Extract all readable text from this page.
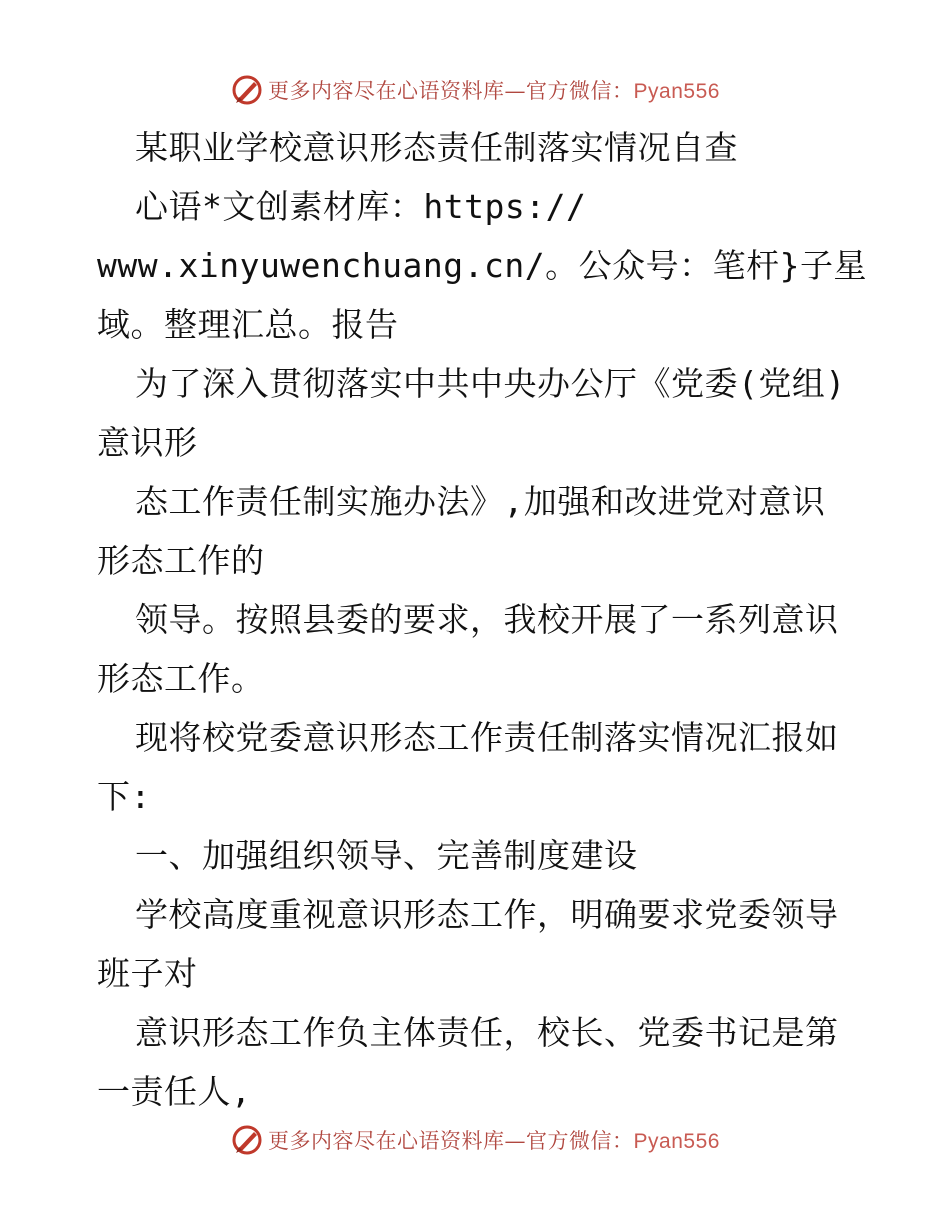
更多内容尽在心语资料库—官方微信：Pyan556
某职业学校意识形态责任制落实情况自查
心语*文创素材库：https://
www.xinyuwenchuang.cn/。公众号：笔杆}子星
域。整理汇总。报告
为了深入贯彻落实中共中央办公厅《党委(党组)
意识形
态工作责任制实施办法》,加强和改进党对意识
形态工作的
领导。按照县委的要求，我校开展了一系列意识
形态工作。
现将校党委意识形态工作责任制落实情况汇报如
下:
一、加强组织领导、完善制度建设
学校高度重视意识形态工作，明确要求党委领导
班子对
意识形态工作负主体责任，校长、党委书记是第
一责任人,
更多内容尽在心语资料库—官方微信：Pyan556
